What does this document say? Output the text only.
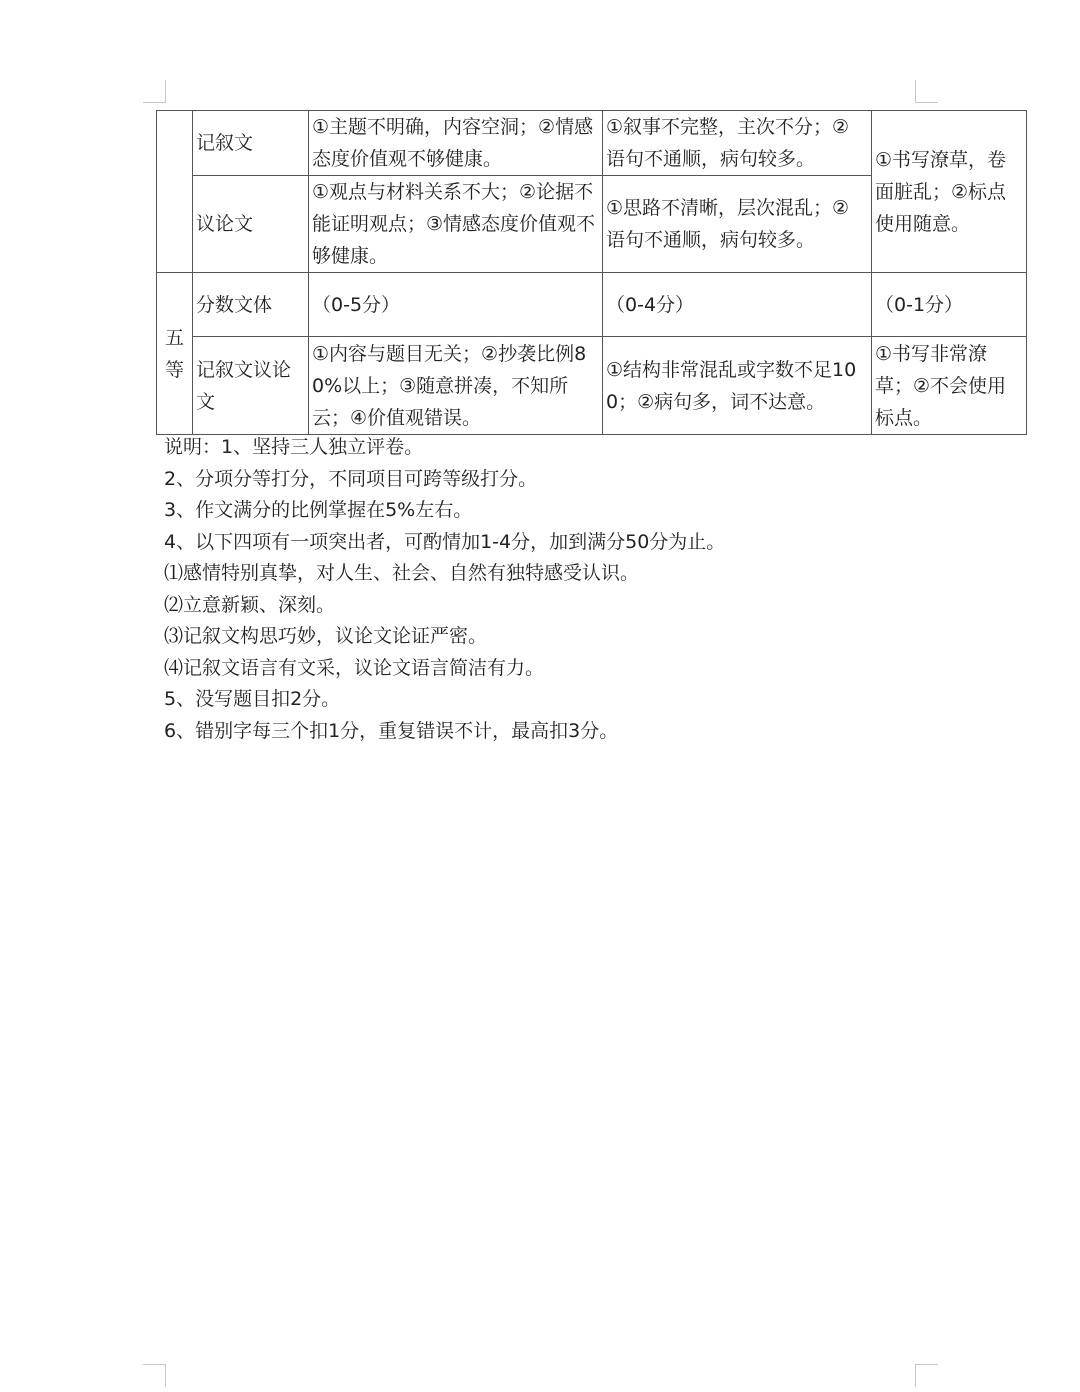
	记叙文	①主题不明确，内容空洞；②情感态度价值观不够健康。	①叙事不完整，主次不分；②语句不通顺，病句较多。	①书写潦草，卷面脏乱；②标点使用随意。
	议论文	①观点与材料关系不大；②论据不能证明观点；③情感态度价值观不够健康。	①思路不清晰，层次混乱；②语句不通顺，病句较多。	
五等	分数文体	（0-5分）	（0-4分）	（0-1分）
	记叙文议论文	①内容与题目无关；②抄袭比例80%以上；③随意拼凑，不知所云；④价值观错误。	①结构非常混乱或字数不足100；②病句多，词不达意。	①书写非常潦草；②不会使用标点。
说明：1、坚持三人独立评卷。
2、分项分等打分，不同项目可跨等级打分。
3、作文满分的比例掌握在5%左右。
4、以下四项有一项突出者，可酌情加1-4分，加到满分50分为止。
⑴感情特别真挚，对人生、社会、自然有独特感受认识。
⑵立意新颖、深刻。
⑶记叙文构思巧妙，议论文论证严密。
⑷记叙文语言有文采，议论文语言简洁有力。
5、没写题目扣2分。
6、错别字每三个扣1分，重复错误不计，最高扣3分。
